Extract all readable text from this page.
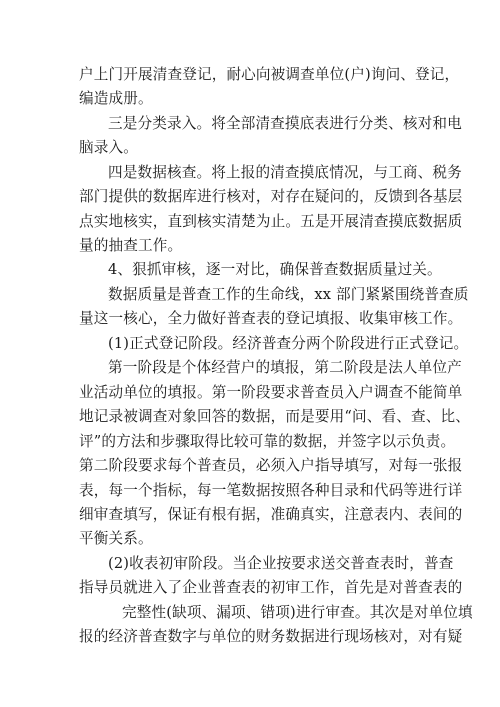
户上门开展清查登记，耐心向被调查单位(户)询问、登记，
编造成册。
三是分类录入。将全部清查摸底表进行分类、核对和电
脑录入。
四是数据核查。将上报的清查摸底情况，与工商、税务
部门提供的数据库进行核对，对存在疑问的，反馈到各基层
点实地核实，直到核实清楚为止。五是开展清查摸底数据质
量的抽查工作。
4、狠抓审核，逐一对比，确保普查数据质量过关。
数据质量是普查工作的生命线，xx 部门紧紧围绕普查质
量这一核心，全力做好普查表的登记填报、收集审核工作。
(1)正式登记阶段。经济普查分两个阶段进行正式登记。
第一阶段是个体经营户的填报，第二阶段是法人单位产
业活动单位的填报。第一阶段要求普查员入户调查不能简单
地记录被调查对象回答的数据，而是要用“问、看、查、比、
评”的方法和步骤取得比较可靠的数据，并签字以示负责。
第二阶段要求每个普查员，必须入户指导填写，对每一张报
表，每一个指标，每一笔数据按照各种目录和代码等进行详
细审查填写，保证有根有据，准确真实，注意表内、表间的
平衡关系。
(2)收表初审阶段。当企业按要求送交普查表时，普查
指导员就进入了企业普查表的初审工作，首先是对普查表的
完整性(缺项、漏项、错项)进行审查。其次是对单位填
报的经济普查数字与单位的财务数据进行现场核对，对有疑
